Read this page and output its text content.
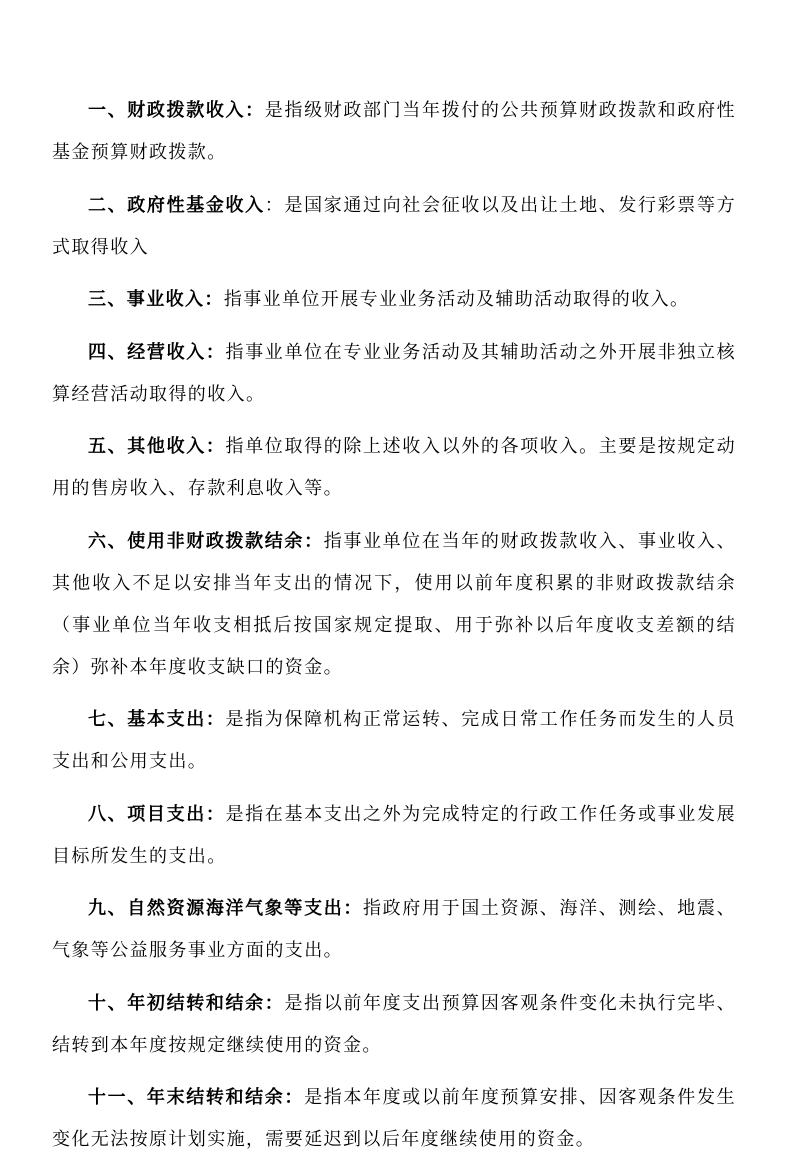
一、财政拨款收入：是指级财政部门当年拨付的公共预算财政拨款和政府性基金预算财政拨款。

二、政府性基金收入：是国家通过向社会征收以及出让土地、发行彩票等方式取得收入

三、事业收入：指事业单位开展专业业务活动及辅助活动取得的收入。

四、经营收入：指事业单位在专业业务活动及其辅助活动之外开展非独立核算经营活动取得的收入。

五、其他收入：指单位取得的除上述收入以外的各项收入。主要是按规定动用的售房收入、存款利息收入等。

六、使用非财政拨款结余：指事业单位在当年的财政拨款收入、事业收入、其他收入不足以安排当年支出的情况下，使用以前年度积累的非财政拨款结余（事业单位当年收支相抵后按国家规定提取、用于弥补以后年度收支差额的结余）弥补本年度收支缺口的资金。

七、基本支出：是指为保障机构正常运转、完成日常工作任务而发生的人员支出和公用支出。

八、项目支出：是指在基本支出之外为完成特定的行政工作任务或事业发展目标所发生的支出。

九、自然资源海洋气象等支出：指政府用于国土资源、海洋、测绘、地震、气象等公益服务事业方面的支出。

十、年初结转和结余：是指以前年度支出预算因客观条件变化未执行完毕、结转到本年度按规定继续使用的资金。

十一、年末结转和结余：是指本年度或以前年度预算安排、因客观条件发生变化无法按原计划实施，需要延迟到以后年度继续使用的资金。
